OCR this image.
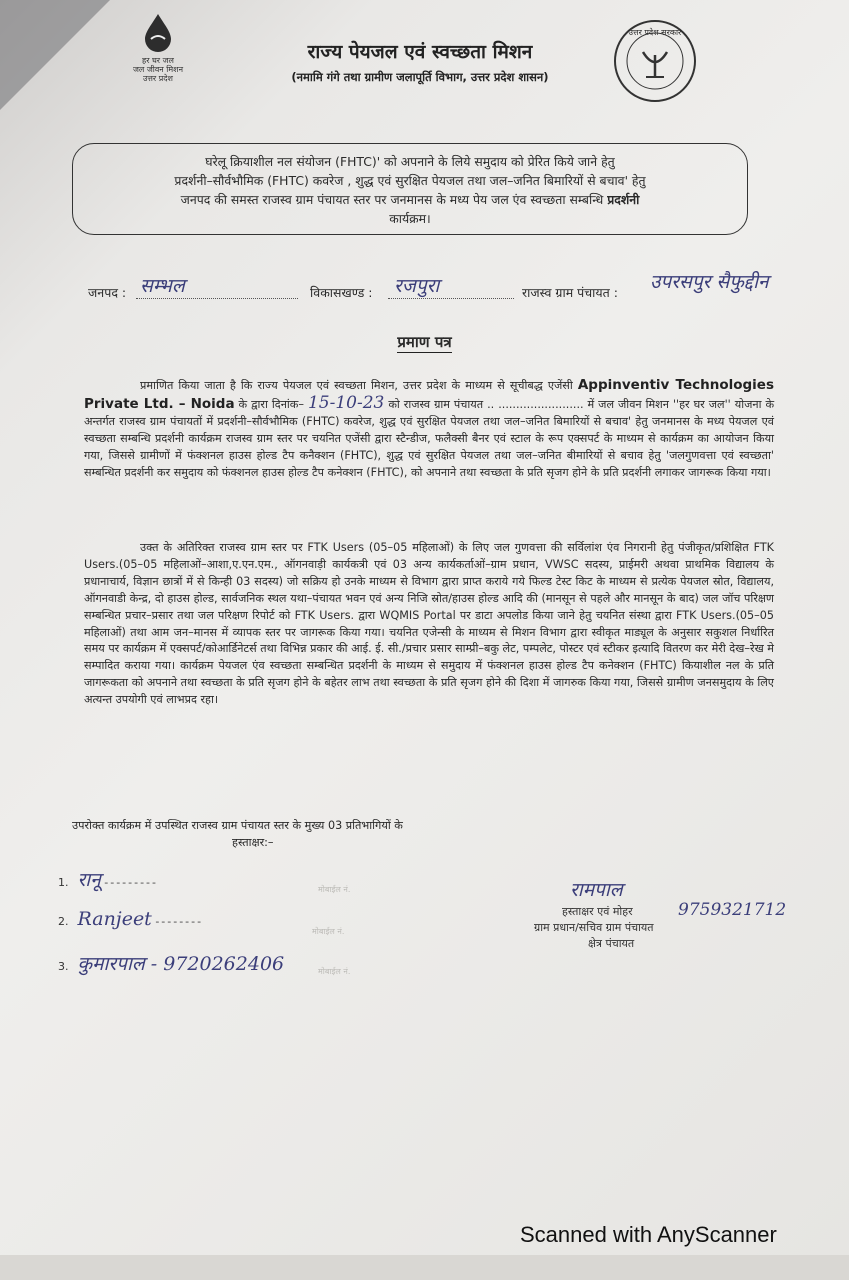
हर घर जल
जल जीवन मिशन
उत्तर प्रदेश
राज्य पेयजल एवं स्वच्छता मिशन
(नमामि गंगे तथा ग्रामीण जलापूर्ति विभाग, उत्तर प्रदेश शासन)
उत्तर प्रदेश सरकार
घरेलू क्रियाशील नल संयोजन (FHTC)' को अपनाने के लिये समुदाय को प्रेरित किये जाने हेतु
प्रदर्शनी–सौर्वभौमिक (FHTC) कवरेज , शुद्ध एवं सुरक्षित पेयजल तथा जल–जनित बिमारियों से बचाव' हेतु
जनपद की समस्त राजस्व ग्राम पंचायत स्तर पर जनमानस के मध्य पेय जल एंव स्वच्छता सम्बन्धि प्रदर्शनी
कार्यक्रम।
जनपद : सम्भल	विकासखण्ड : रजपुरा	राजस्व ग्राम पंचायत : उपरसपुर सैफुद्दीन
प्रमाण पत्र
प्रमाणित किया जाता है कि राज्य पेयजल एवं स्वच्छता मिशन, उत्तर प्रदेश के माध्यम से सूचीबद्ध एजेंसी Appinventiv Technologies Private Ltd. – Noida के द्वारा दिनांक– 15-10-23 को राजस्व ग्राम पंचायत .. ........................ में जल जीवन मिशन ''हर घर जल'' योजना के अन्तर्गत राजस्व ग्राम पंचायतों में प्रदर्शनी–सौर्वभौमिक (FHTC) कवरेज, शुद्ध एवं सुरक्षित पेयजल तथा जल–जनित बिमारियों से बचाव' हेतु जनमानस के मध्य पेयजल एवं स्वच्छता सम्बन्धि प्रदर्शनी कार्यक्रम राजस्व ग्राम स्तर पर चयनित एजेंसी द्वारा स्टैन्डीज, फलैक्सी बैनर एवं स्टाल के रूप एक्सपर्ट के माध्यम से कार्यक्रम का आयोजन किया गया, जिससे ग्रामीणों में फंक्शनल हाउस होल्ड टैप कनैक्शन (FHTC), शुद्ध एवं सुरक्षित पेयजल तथा जल–जनित बीमारियों से बचाव हेतु 'जलगुणवत्ता एवं स्वच्छता' सम्बन्धित प्रदर्शनी कर समुदाय को फंक्शनल हाउस होल्ड टैप कनेक्शन (FHTC), को अपनाने तथा स्वच्छता के प्रति सृजग होने के प्रति प्रदर्शनी लगाकर जागरूक किया गया।
उक्त के अतिरिक्त राजस्व ग्राम स्तर पर FTK Users (05–05 महिलाओं) के लिए जल गुणवत्ता की सर्विलांश एंव निगरानी हेतु पंजीकृत/प्रशिक्षित FTK Users.(05–05 महिलाओं–आशा,ए.एन.एम., ऑगनवाड़ी कार्यकत्री एवं 03 अन्य कार्यकर्ताओं–ग्राम प्रधान, VWSC सदस्य, प्राईमरी अथवा प्राथमिक विद्यालय के प्रधानाचार्य, विज्ञान छात्रों में से किन्ही 03 सदस्य) जो सक्रिय हो उनके माध्यम से विभाग द्वारा प्राप्त कराये गये फिल्ड टेस्ट किट के माध्यम से प्रत्येक पेयजल स्रोत, विद्यालय, ऑगनवाडी केन्द्र, दो हाउस होल्ड, सार्वजनिक स्थल यथा–पंचायत भवन एवं अन्य निजि स्रोत/हाउस होल्ड आदि की (मानसून से पहले और मानसून के बाद) जल जॉच परिक्षण सम्बन्धित प्रचार–प्रसार तथा जल परिक्षण रिपोर्ट को FTK Users. द्वारा WQMIS Portal पर डाटा अपलोड किया जाने हेतु चयनित संस्था द्वारा FTK Users.(05–05 महिलाओं) तथा आम जन–मानस में व्यापक स्तर पर जागरूक किया गया। चयनित एजेन्सी के माध्यम से मिशन विभाग द्वारा स्वीकृत माड्यूल के अनुसार सकुशल निर्धारित समय पर कार्यक्रम में एक्सपर्ट/कोआर्डिनेटर्स तथा विभिन्न प्रकार की आई. ई. सी./प्रचार प्रसार साम्प्री–बकु लेट, पम्पलेट, पोस्टर एवं स्टीकर इत्यादि वितरण कर मेरी देख–रेख मे सम्पादित कराया गया। कार्यक्रम पेयजल एंव स्वच्छता सम्बन्धित प्रदर्शनी के माध्यम से समुदाय में फंक्शनल हाउस होल्ड टैप कनेक्शन (FHTC) कियाशील नल के प्रति जागरूकता को अपनाने तथा स्वच्छता के प्रति सृजग होने के बहेतर लाभ तथा स्वच्छता के प्रति सृजग होने की दिशा में जागरुक किया गया, जिससे ग्रामीण जनसमुदाय के लिए अत्यन्त उपयोगी एवं लाभप्रद रहा।
उपरोक्त कार्यक्रम में उपस्थित राजस्व ग्राम पंचायत स्तर के मुख्य 03 प्रतिभागियों के
हस्ताक्षर:–
1. रानू ---------
2. Ranjeet --------
3. कुमारपाल - 9720262406
मोबाईल नं.
मोबाईल नं.
मोबाईल नं.
रामपाल
9759321712
हस्ताक्षर एवं मोहर
ग्राम प्रधान/सचिव ग्राम पंचायत
क्षेत्र पंचायत
Scanned with AnyScanner
